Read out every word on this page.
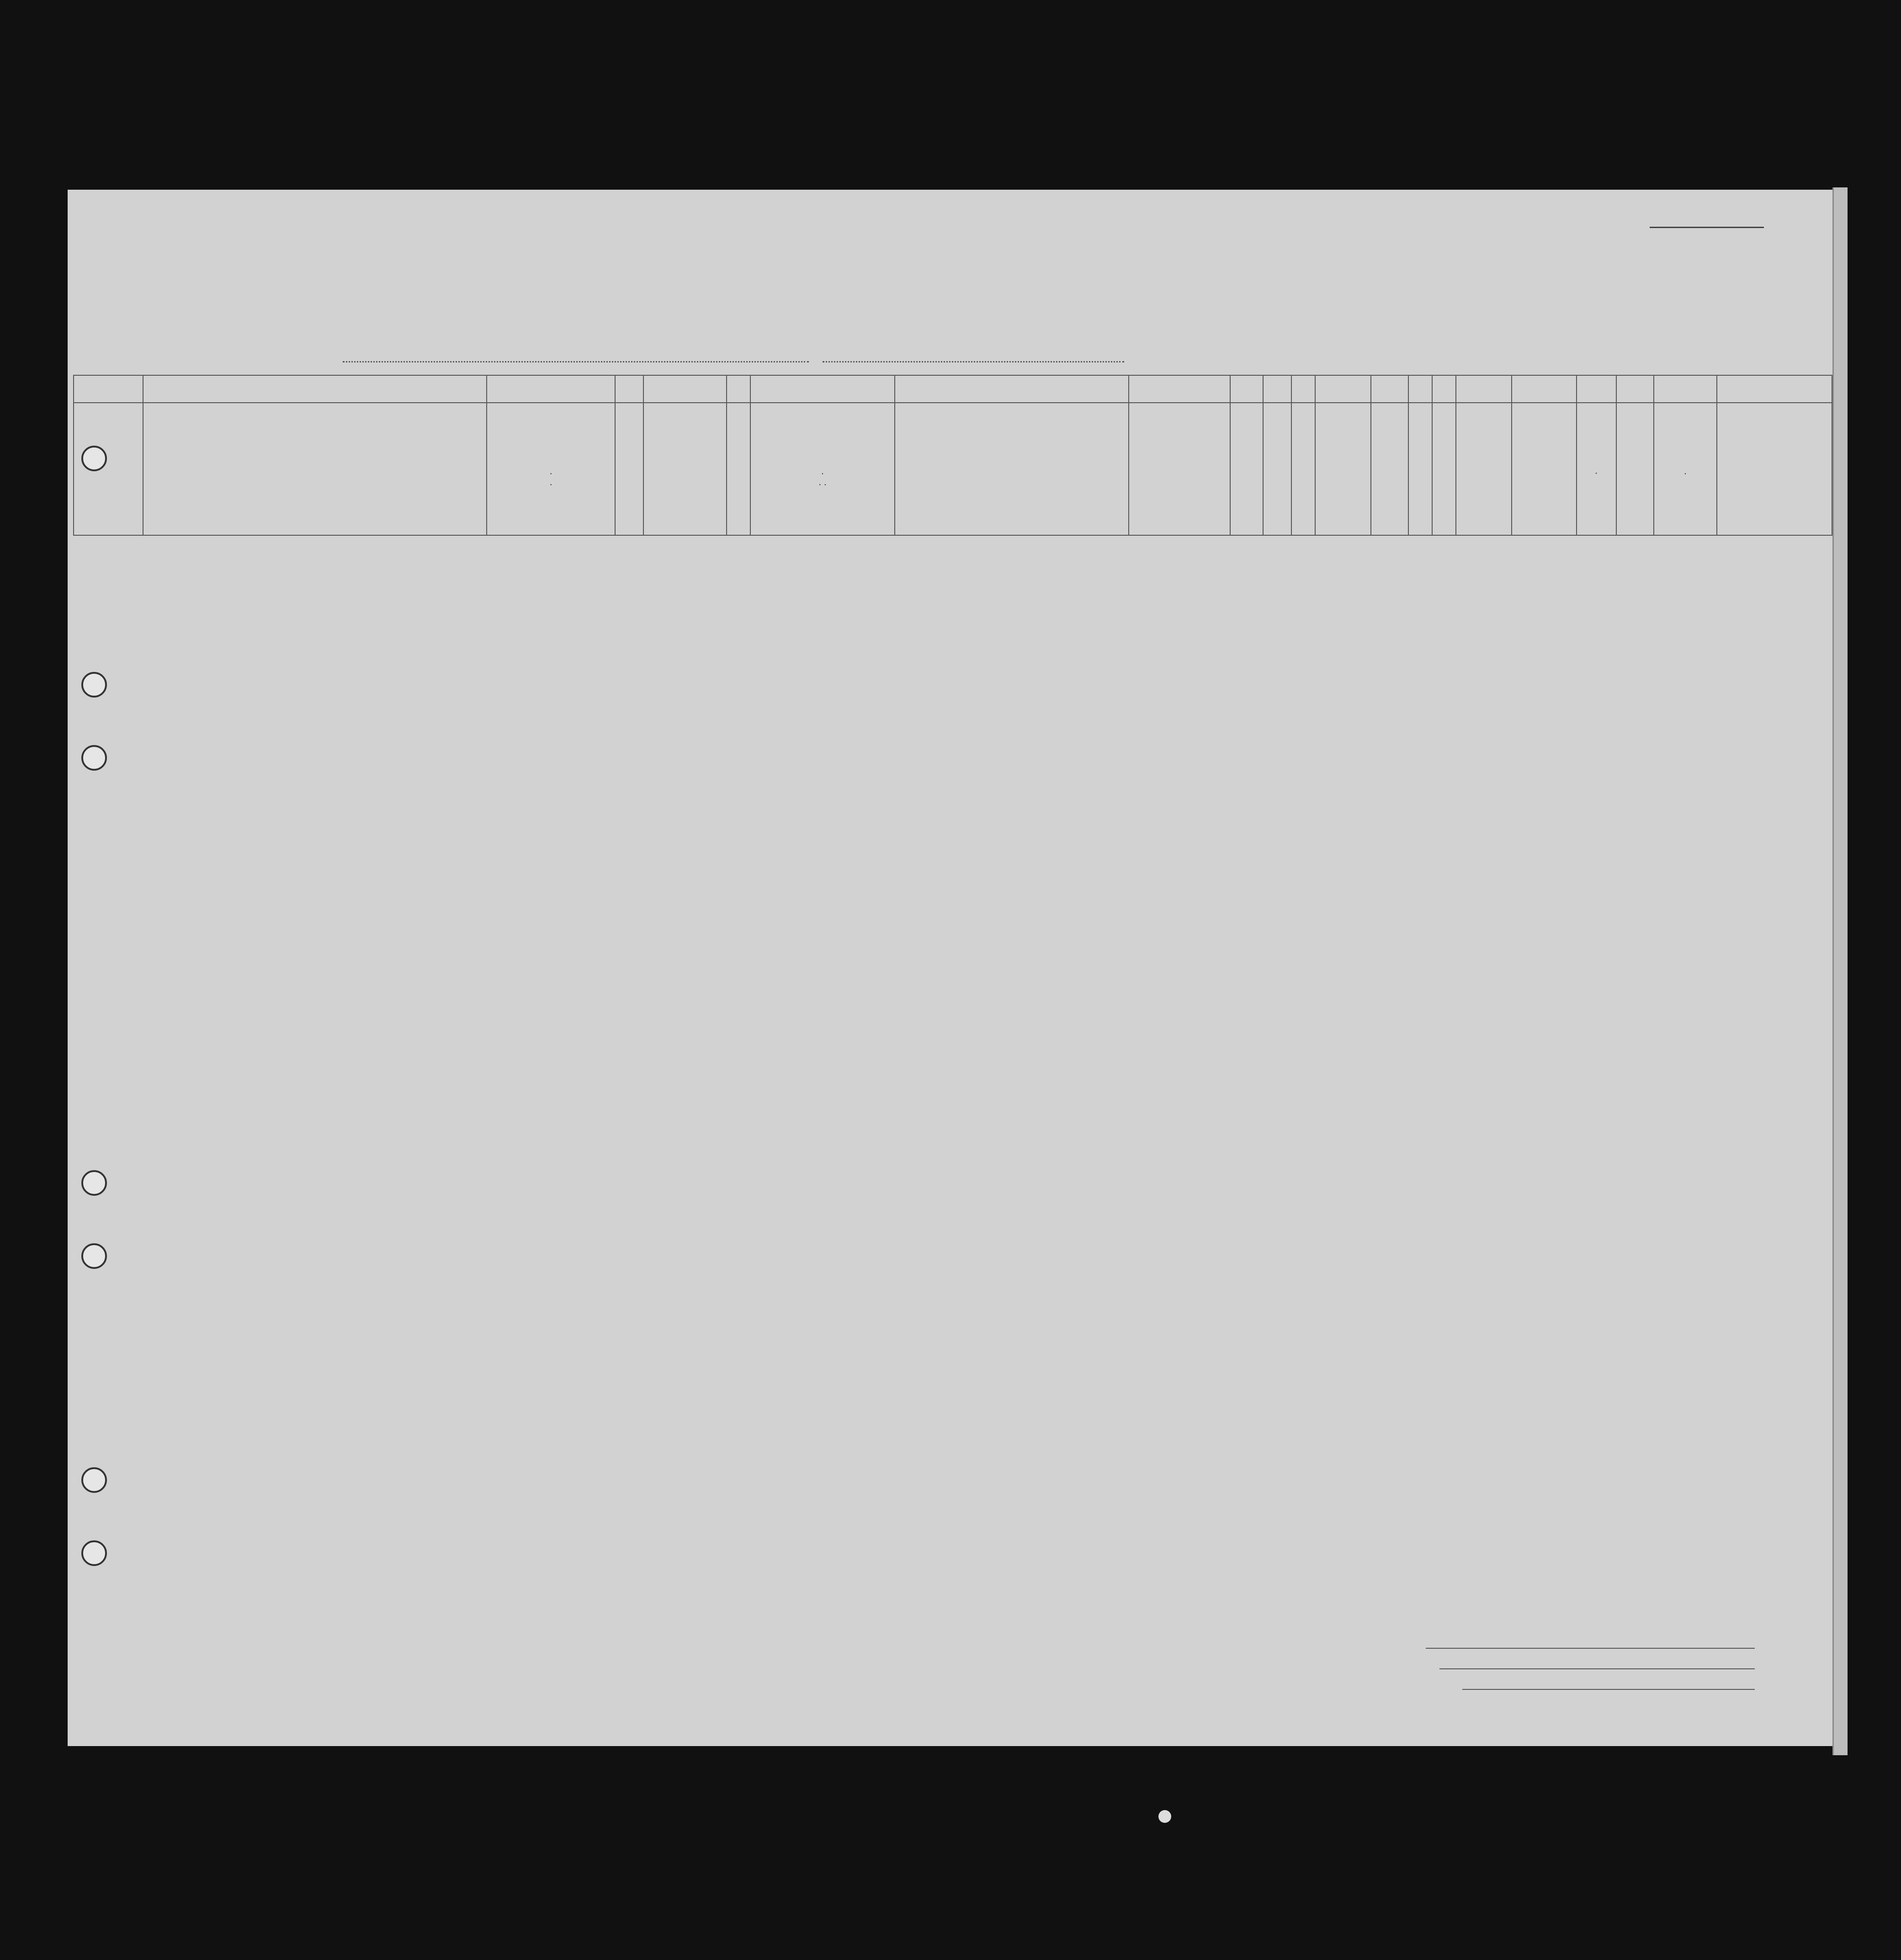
·
·				·
· ·												·		·	
